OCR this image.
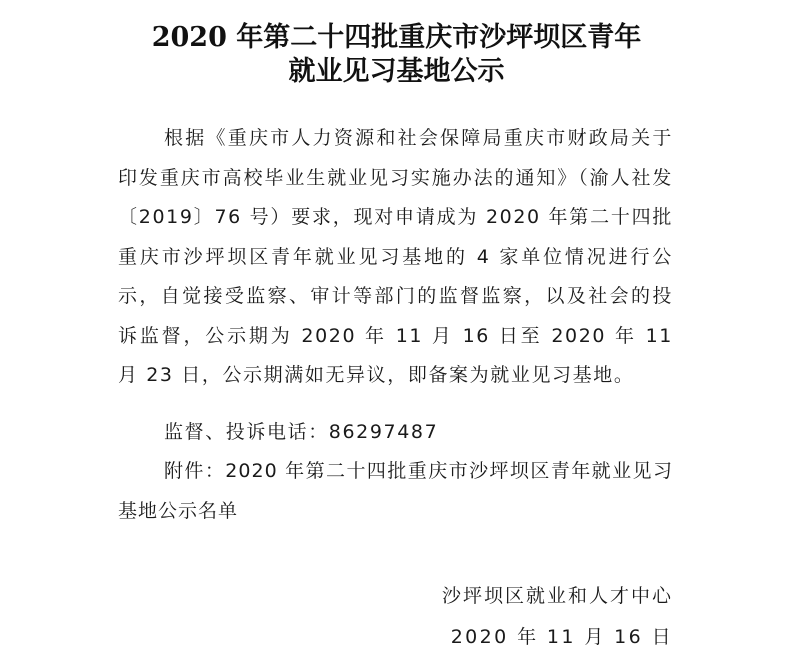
2020 年第二十四批重庆市沙坪坝区青年
就业见习基地公示

根据《重庆市人力资源和社会保障局重庆市财政局关于印发重庆市高校毕业生就业见习实施办法的通知》（渝人社发〔2019〕76 号）要求，现对申请成为 2020 年第二十四批重庆市沙坪坝区青年就业见习基地的 4 家单位情况进行公示，自觉接受监察、审计等部门的监督监察，以及社会的投诉监督，公示期为 2020 年 11 月 16 日至 2020 年 11 月 23 日，公示期满如无异议，即备案为就业见习基地。

监督、投诉电话：86297487

附件：2020 年第二十四批重庆市沙坪坝区青年就业见习基地公示名单

沙坪坝区就业和人才中心

2020 年 11 月 16 日
